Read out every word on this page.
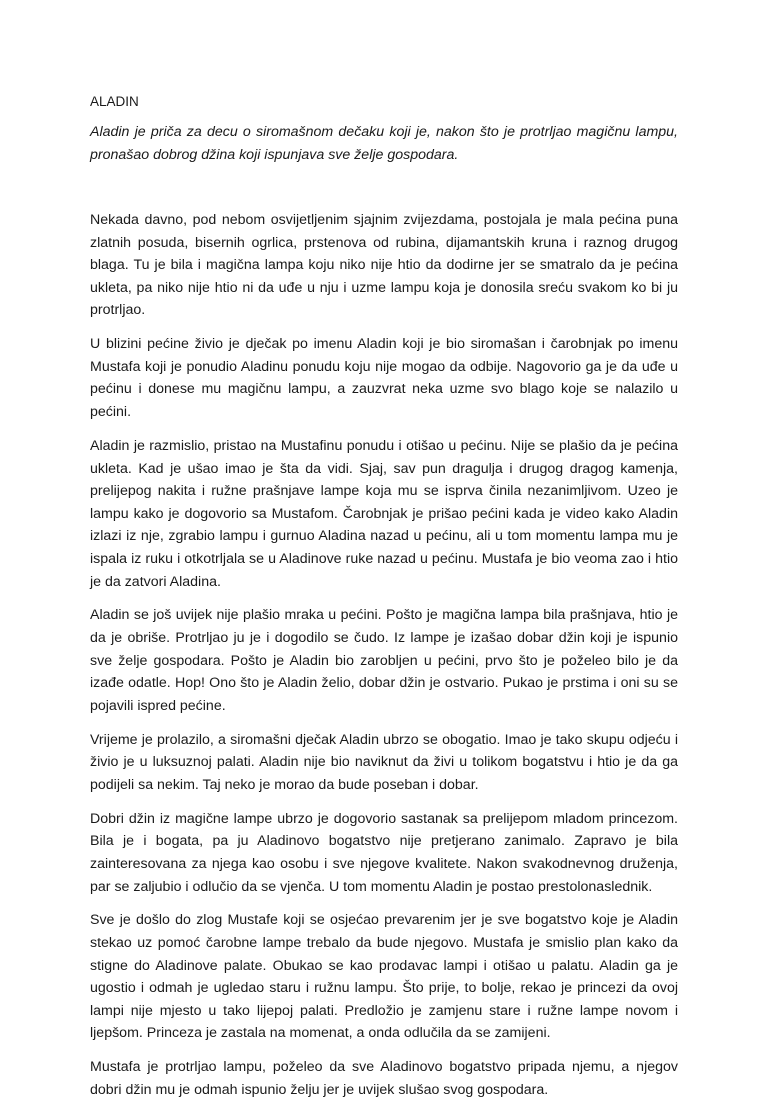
ALADIN

Aladin je priča za decu o siromašnom dečaku koji je, nakon što je protrljao magičnu lampu, pronašao dobrog džina koji ispunjava sve želje gospodara.

Nekada davno, pod nebom osvijetljenim sjajnim zvijezdama, postojala je mala pećina puna zlatnih posuda, bisernih ogrlica, prstenova od rubina, dijamantskih kruna i raznog drugog blaga. Tu je bila i magična lampa koju niko nije htio da dodirne jer se smatralo da je pećina ukleta, pa niko nije htio ni da uđe u nju i uzme lampu koja je donosila sreću svakom ko bi ju protrljao.

U blizini pećine živio je dječak po imenu Aladin koji je bio siromašan i čarobnjak po imenu Mustafa koji je ponudio Aladinu ponudu koju nije mogao da odbije. Nagovorio ga je da uđe u pećinu i donese mu magičnu lampu, a zauzvrat neka uzme svo blago koje se nalazilo u pećini.

Aladin je razmislio, pristao na Mustafinu ponudu i otišao u pećinu. Nije se plašio da je pećina ukleta. Kad je ušao imao je šta da vidi. Sjaj, sav pun dragulja i drugog dragog kamenja, prelijepog nakita i ružne prašnjave lampe koja mu se isprva činila nezanimljivom. Uzeo je lampu kako je dogovorio sa Mustafom. Čarobnjak je prišao pećini kada je video kako Aladin izlazi iz nje, zgrabio lampu i gurnuo Aladina nazad u pećinu, ali u tom momentu lampa mu je ispala iz ruku i otkotrljala se u Aladinove ruke nazad u pećinu. Mustafa je bio veoma zao i htio je da zatvori Aladina.

Aladin se još uvijek nije plašio mraka u pećini. Pošto je magična lampa bila prašnjava, htio je da je obriše. Protrljao ju je i dogodilo se čudo. Iz lampe je izašao dobar džin koji je ispunio sve želje gospodara. Pošto je Aladin bio zarobljen u pećini, prvo što je poželeo bilo je da izađe odatle. Hop! Ono što je Aladin želio, dobar džin je ostvario. Pukao je prstima i oni su se pojavili ispred pećine.

Vrijeme je prolazilo, a siromašni dječak Aladin ubrzo se obogatio. Imao je tako skupu odjeću i živio je u luksuznoj palati. Aladin nije bio naviknut da živi u tolikom bogatstvu i htio je da ga podijeli sa nekim. Taj neko je morao da bude poseban i dobar.

Dobri džin iz magične lampe ubrzo je dogovorio sastanak sa prelijepom mladom princezom. Bila je i bogata, pa ju Aladinovo bogatstvo nije pretjerano zanimalo. Zapravo je bila zainteresovana za njega kao osobu i sve njegove kvalitete. Nakon svakodnevnog druženja, par se zaljubio i odlučio da se vjenča. U tom momentu Aladin je postao prestolonaslednik.

Sve je došlo do zlog Mustafe koji se osjećao prevarenim jer je sve bogatstvo koje je Aladin stekao uz pomoć čarobne lampe trebalo da bude njegovo. Mustafa je smislio plan kako da stigne do Aladinove palate. Obukao se kao prodavac lampi i otišao u palatu. Aladin ga je ugostio i odmah je ugledao staru i ružnu lampu. Što prije, to bolje, rekao je princezi da ovoj lampi nije mjesto u tako lijepoj palati. Predložio je zamjenu stare i ružne lampe novom i ljepšom. Princeza je zastala na momenat, a onda odlučila da se zamijeni.

Mustafa je protrljao lampu, poželeo da sve Aladinovo bogatstvo pripada njemu, a njegov dobri džin mu je odmah ispunio želju jer je uvijek slušao svog gospodara.
